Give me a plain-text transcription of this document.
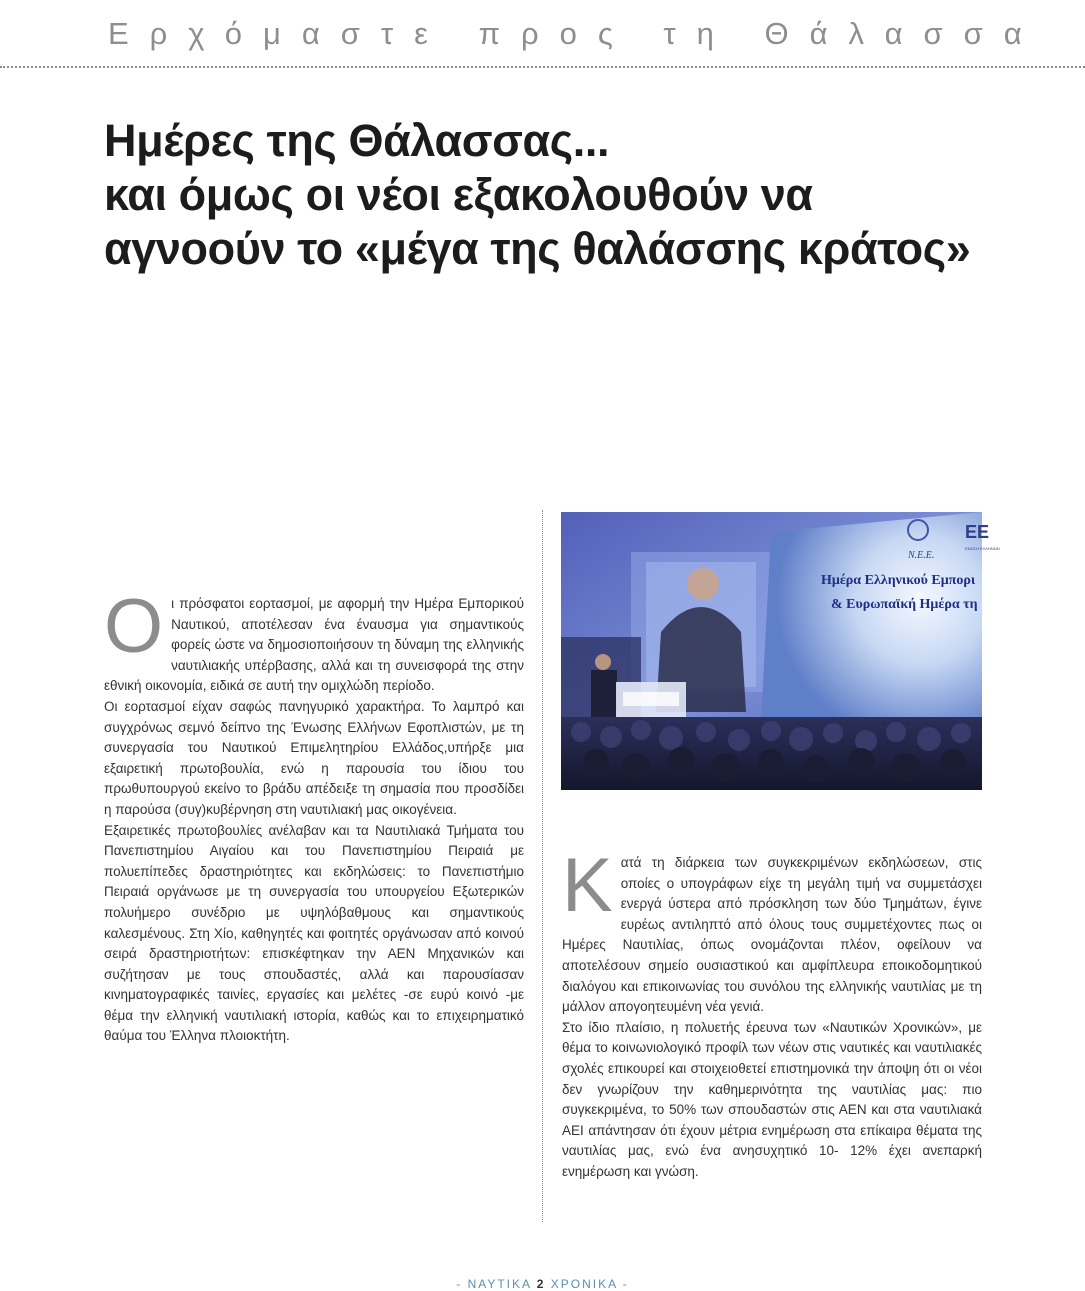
Ερχόμαστε προς τη Θάλασσα
Ημέρες της Θάλασσας...
και όμως οι νέοι εξακολουθούν να
αγνοούν το «μέγα της θαλάσσης κράτος»

Οι πρόσφατοι εορτασμοί, με αφορμή την Ημέρα Εμπορικού Ναυτικού, αποτέλεσαν ένα έναυσμα για σημαντικούς φορείς ώστε να δημοσιοποιήσουν τη δύναμη της ελληνικής ναυτιλιακής υπέρβασης, αλλά και τη συνεισφορά της στην εθνική οικονομία, ειδικά σε αυτή την ομιχλώδη περίοδο.

Οι εορτασμοί είχαν σαφώς πανηγυρικό χαρακτήρα. Το λαμπρό και συγχρόνως σεμνό δείπνο της Ένωσης Ελλήνων Εφοπλιστών, με τη συνεργασία του Ναυτικού Επιμελητηρίου Ελλάδος,υπήρξε μια εξαιρετική πρωτοβουλία, ενώ η παρουσία του ίδιου του πρωθυπουργού εκείνο το βράδυ απέδειξε τη σημασία που προσδίδει η παρούσα (συγ)κυβέρνηση στη ναυτιλιακή μας οικογένεια.

Εξαιρετικές πρωτοβουλίες ανέλαβαν και τα Ναυτιλιακά Τμήματα του Πανεπιστημίου Αιγαίου και του Πανεπιστημίου Πειραιά με πολυεπίπεδες δραστηριότητες και εκδηλώσεις: το Πανεπιστήμιο Πειραιά οργάνωσε με τη συνεργασία του υπουργείου Εξωτερικών πολυήμερο συνέδριο με υψηλόβαθμους και σημαντικούς καλεσμένους. Στη Χίο, καθηγητές και φοιτητές οργάνωσαν από κοινού σειρά δραστηριοτήτων: επισκέφτηκαν την ΑΕΝ Μηχανικών και συζήτησαν με τους σπουδαστές, αλλά και παρουσίασαν κινηματογραφικές ταινίες, εργασίες και μελέτες -σε ευρύ κοινό -με θέμα την ελληνική ναυτιλιακή ιστορία, καθώς και το επιχειρηματικό θαύμα του Έλληνα πλοιοκτήτη.

Ν.Ε.Ε.
ΕΕ
ΕΝΩΣΗ ΕΛΛΗΝΩΝ
Ημέρα Ελληνικού Εμπορι
& Ευρωπαϊκή Ημέρα τη

Κατά τη διάρκεια των συγκεκριμένων εκδηλώσεων, στις οποίες ο υπογράφων είχε τη μεγάλη τιμή να συμμετάσχει ενεργά ύστερα από πρόσκληση των δύο Τμημάτων, έγινε ευρέως αντιληπτό από όλους τους συμμετέχοντες πως οι Ημέρες Ναυτιλίας, όπως ονομάζονται πλέον, οφείλουν να αποτελέσουν σημείο ουσιαστικού και αμφίπλευρα εποικοδομητικού διαλόγου και επικοινωνίας του συνόλου της ελληνικής ναυτιλίας με τη μάλλον απογοητευμένη νέα γενιά.

Στο ίδιο πλαίσιο, η πολυετής έρευνα των «Ναυτικών Χρονικών», με θέμα το κοινωνιολογικό προφίλ των νέων στις ναυτικές και ναυτιλιακές σχολές επικουρεί και στοιχειοθετεί επιστημονικά την άποψη ότι οι νέοι δεν γνωρίζουν την καθημερινότητα της ναυτιλίας μας: πιο συγκεκριμένα, το 50% των σπουδαστών στις ΑΕΝ και στα ναυτιλιακά ΑΕΙ απάντησαν ότι έχουν μέτρια ενημέρωση στα επίκαιρα θέματα της ναυτιλίας μας, ενώ ένα ανησυχητικό 10- 12% έχει ανεπαρκή ενημέρωση και γνώση.

- ΝΑΥΤΙΚΑ 2 ΧΡΟΝΙΚΑ -
